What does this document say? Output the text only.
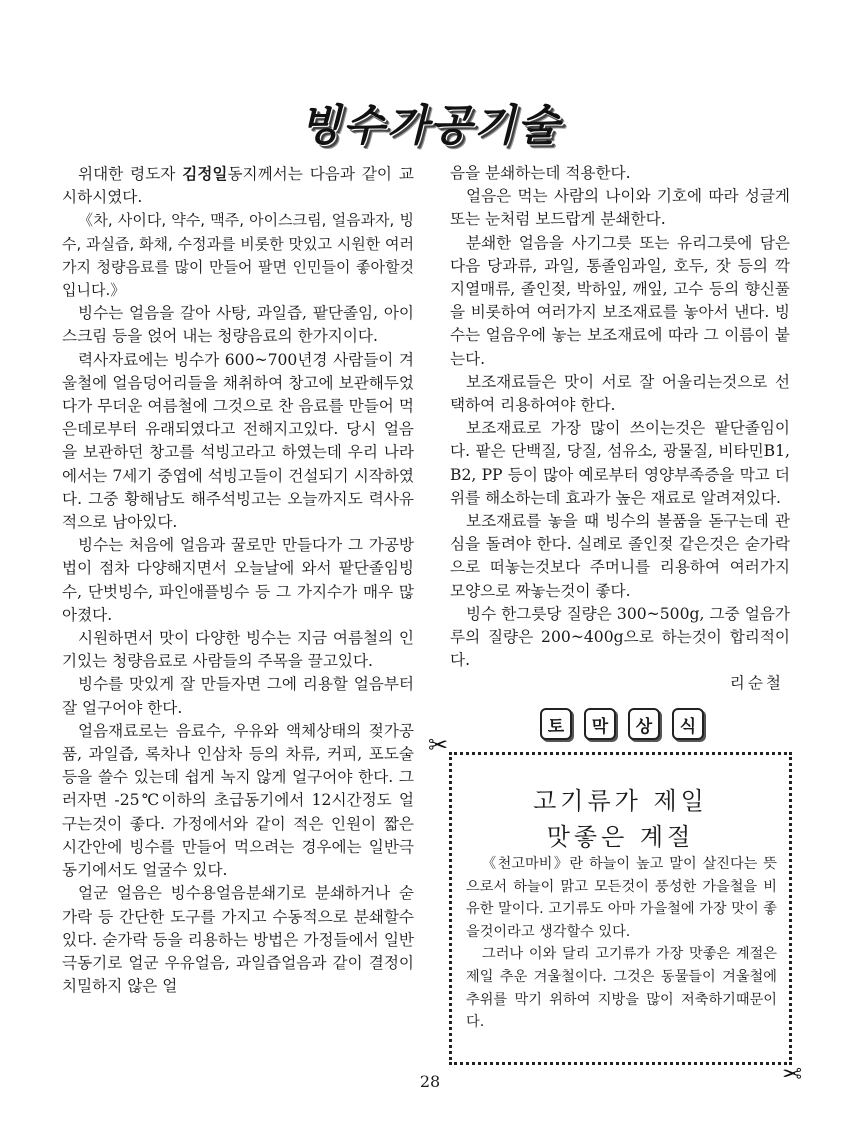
빙수가공기술

위대한 령도자 김정일동지께서는 다음과 같이 교시하시였다.

《차, 사이다, 약수, 맥주, 아이스크림, 얼음과자, 빙수, 과실즙, 화채, 수정과를 비롯한 맛있고 시원한 여러가지 청량음료를 많이 만들어 팔면 인민들이 좋아할것입니다.》

빙수는 얼음을 갈아 사탕, 과일즙, 팥단졸임, 아이스크림 등을 얹어 내는 청량음료의 한가지이다.

력사자료에는 빙수가 600~700년경 사람들이 겨울철에 얼음덩어리들을 채취하여 창고에 보관해두었다가 무더운 여름철에 그것으로 찬 음료를 만들어 먹은데로부터 유래되였다고 전해지고있다. 당시 얼음을 보관하던 창고를 석빙고라고 하였는데 우리 나라에서는 7세기 중엽에 석빙고들이 건설되기 시작하였다. 그중 황해남도 해주석빙고는 오늘까지도 력사유적으로 남아있다.

빙수는 처음에 얼음과 꿀로만 만들다가 그 가공방법이 점차 다양해지면서 오늘날에 와서 팥단졸임빙수, 단벗빙수, 파인애플빙수 등 그 가지수가 매우 많아졌다.

시원하면서 맛이 다양한 빙수는 지금 여름철의 인기있는 청량음료로 사람들의 주목을 끌고있다.

빙수를 맛있게 잘 만들자면 그에 리용할 얼음부터 잘 얼구어야 한다.

얼음재료로는 음료수, 우유와 액체상태의 젖가공품, 과일즙, 록차나 인삼차 등의 차류, 커피, 포도술 등을 쓸수 있는데 쉽게 녹지 않게 얼구어야 한다. 그러자면 -25℃이하의 초급동기에서 12시간정도 얼구는것이 좋다. 가정에서와 같이 적은 인원이 짧은 시간안에 빙수를 만들어 먹으려는 경우에는 일반극동기에서도 얼굴수 있다.

얼군 얼음은 빙수용얼음분쇄기로 분쇄하거나 숟가락 등 간단한 도구를 가지고 수동적으로 분쇄할수 있다. 숟가락 등을 리용하는 방법은 가정들에서 일반극동기로 얼군 우유얼음, 과일즙얼음과 같이 결정이 치밀하지 않은 얼

음을 분쇄하는데 적용한다.

얼음은 먹는 사람의 나이와 기호에 따라 성글게 또는 눈처럼 보드랍게 분쇄한다.

분쇄한 얼음을 사기그릇 또는 유리그릇에 담은 다음 당과류, 과일, 통졸임과일, 호두, 잣 등의 깍지열매류, 졸인젖, 박하잎, 깨잎, 고수 등의 향신풀을 비롯하여 여러가지 보조재료를 놓아서 낸다. 빙수는 얼음우에 놓는 보조재료에 따라 그 이름이 붙는다.

보조재료들은 맛이 서로 잘 어울리는것으로 선택하여 리용하여야 한다.

보조재료로 가장 많이 쓰이는것은 팥단졸임이다. 팥은 단백질, 당질, 섬유소, 광물질, 비타민B1, B2, PP 등이 많아 예로부터 영양부족증을 막고 더위를 해소하는데 효과가 높은 재료로 알려져있다.

보조재료를 놓을 때 빙수의 볼품을 돋구는데 관심을 돌려야 한다. 실례로 졸인젖 같은것은 숟가락으로 떠놓는것보다 주머니를 리용하여 여러가지 모양으로 짜놓는것이 좋다.

빙수 한그릇당 질량은 300~500g, 그중 얼음가루의 질량은 200~400g으로 하는것이 합리적이다.

리순철
토	막	상	식
✂
고기류가 제일
맛좋은 계절

《천고마비》란 하늘이 높고 말이 살진다는 뜻으로서 하늘이 맑고 모든것이 풍성한 가을철을 비유한 말이다. 고기류도 아마 가을철에 가장 맛이 좋을것이라고 생각할수 있다.

그러나 이와 달리 고기류가 가장 맛좋은 계절은 제일 추운 겨울철이다. 그것은 동물들이 겨울철에 추위를 막기 위하여 지방을 많이 저축하기때문이다.

✂
28
